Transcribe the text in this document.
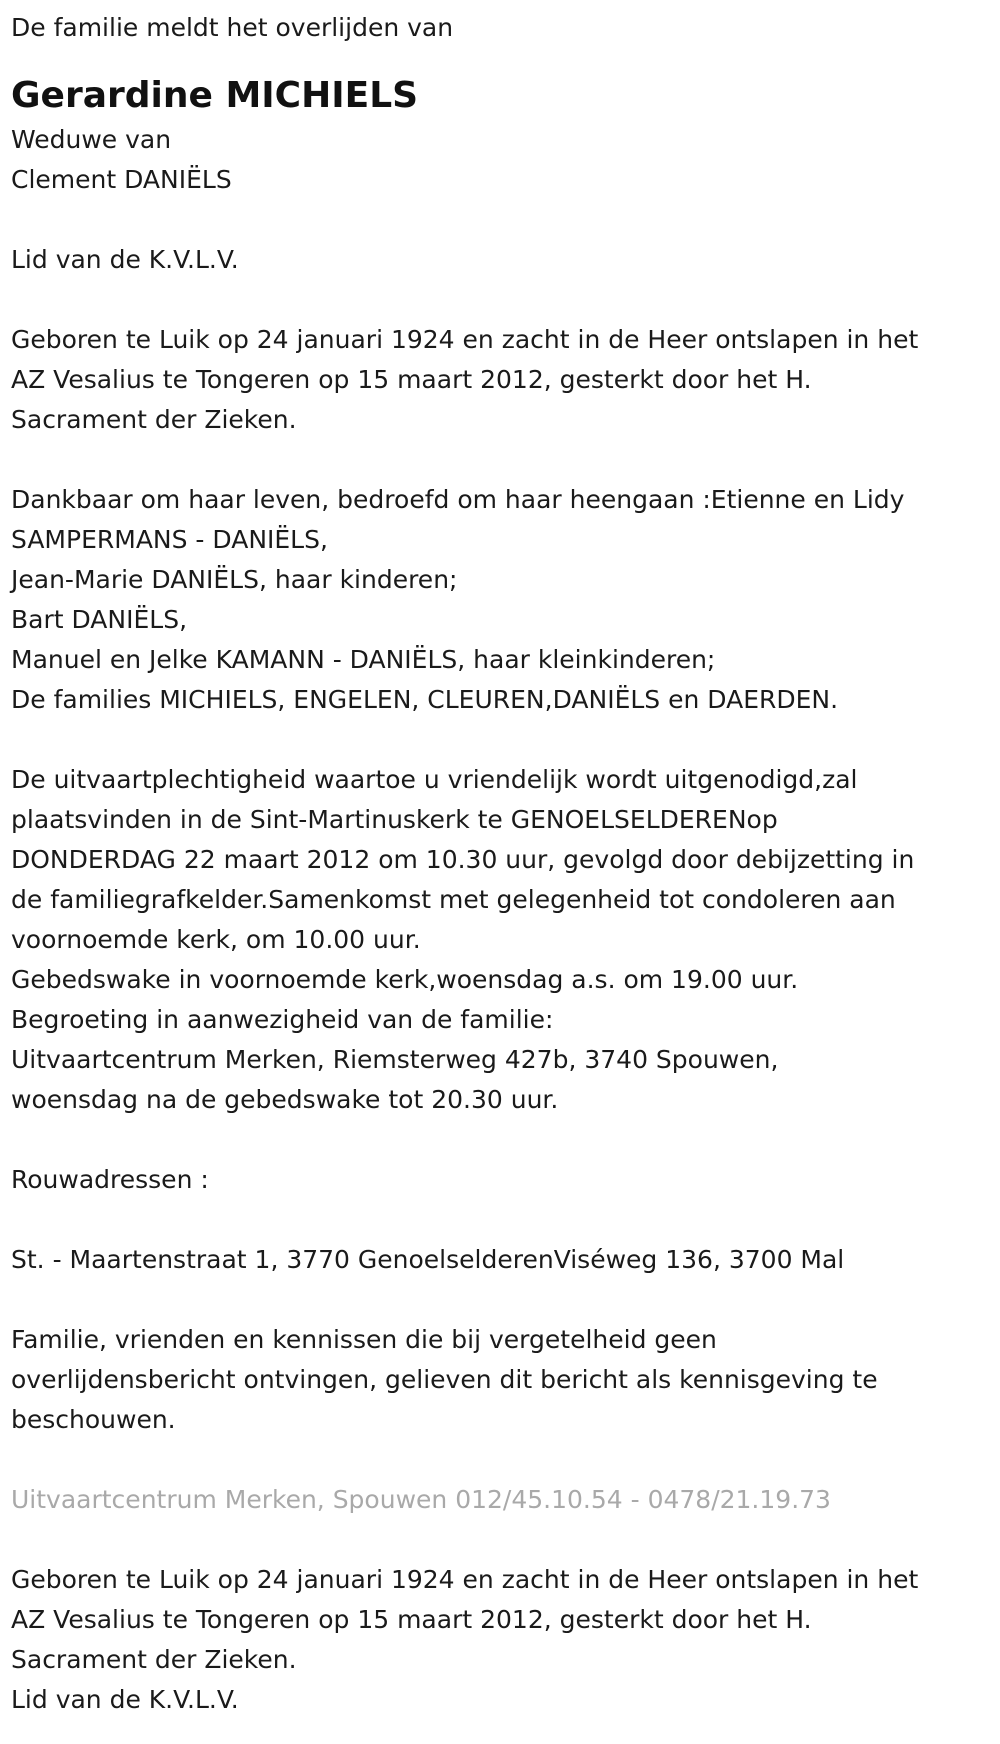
De familie meldt het overlijden van

Gerardine MICHIELS

Weduwe van

Clement DANIËLS

Lid van de K.V.L.V.

Geboren te Luik op 24 januari 1924 en zacht in de Heer ontslapen in het

AZ Vesalius te Tongeren op 15 maart 2012, gesterkt door het H.

Sacrament der Zieken.

Dankbaar om haar leven, bedroefd om haar heengaan :Etienne en Lidy

SAMPERMANS - DANIËLS,

Jean-Marie DANIËLS, haar kinderen;

Bart DANIËLS,

Manuel en Jelke KAMANN - DANIËLS, haar kleinkinderen;

De families MICHIELS, ENGELEN, CLEUREN,DANIËLS en DAERDEN.

De uitvaartplechtigheid waartoe u vriendelijk wordt uitgenodigd,zal

plaatsvinden in de Sint-Martinuskerk te GENOELSELDERENop

DONDERDAG 22 maart 2012 om 10.30 uur, gevolgd door debijzetting in

de familiegrafkelder.Samenkomst met gelegenheid tot condoleren aan

voornoemde kerk, om 10.00 uur.

Gebedswake in voornoemde kerk,woensdag a.s. om 19.00 uur.

Begroeting in aanwezigheid van de familie:

Uitvaartcentrum Merken, Riemsterweg 427b, 3740 Spouwen,

woensdag na de gebedswake tot 20.30 uur.

Rouwadressen :

St. - Maartenstraat 1, 3770 GenoelselderenViséweg 136, 3700 Mal

Familie, vrienden en kennissen die bij vergetelheid geen

overlijdensbericht ontvingen, gelieven dit bericht als kennisgeving te

beschouwen.

Uitvaartcentrum Merken, Spouwen 012/45.10.54 - 0478/21.19.73

Geboren te Luik op 24 januari 1924 en zacht in de Heer ontslapen in het

AZ Vesalius te Tongeren op 15 maart 2012, gesterkt door het H.

Sacrament der Zieken.

Lid van de K.V.L.V.
